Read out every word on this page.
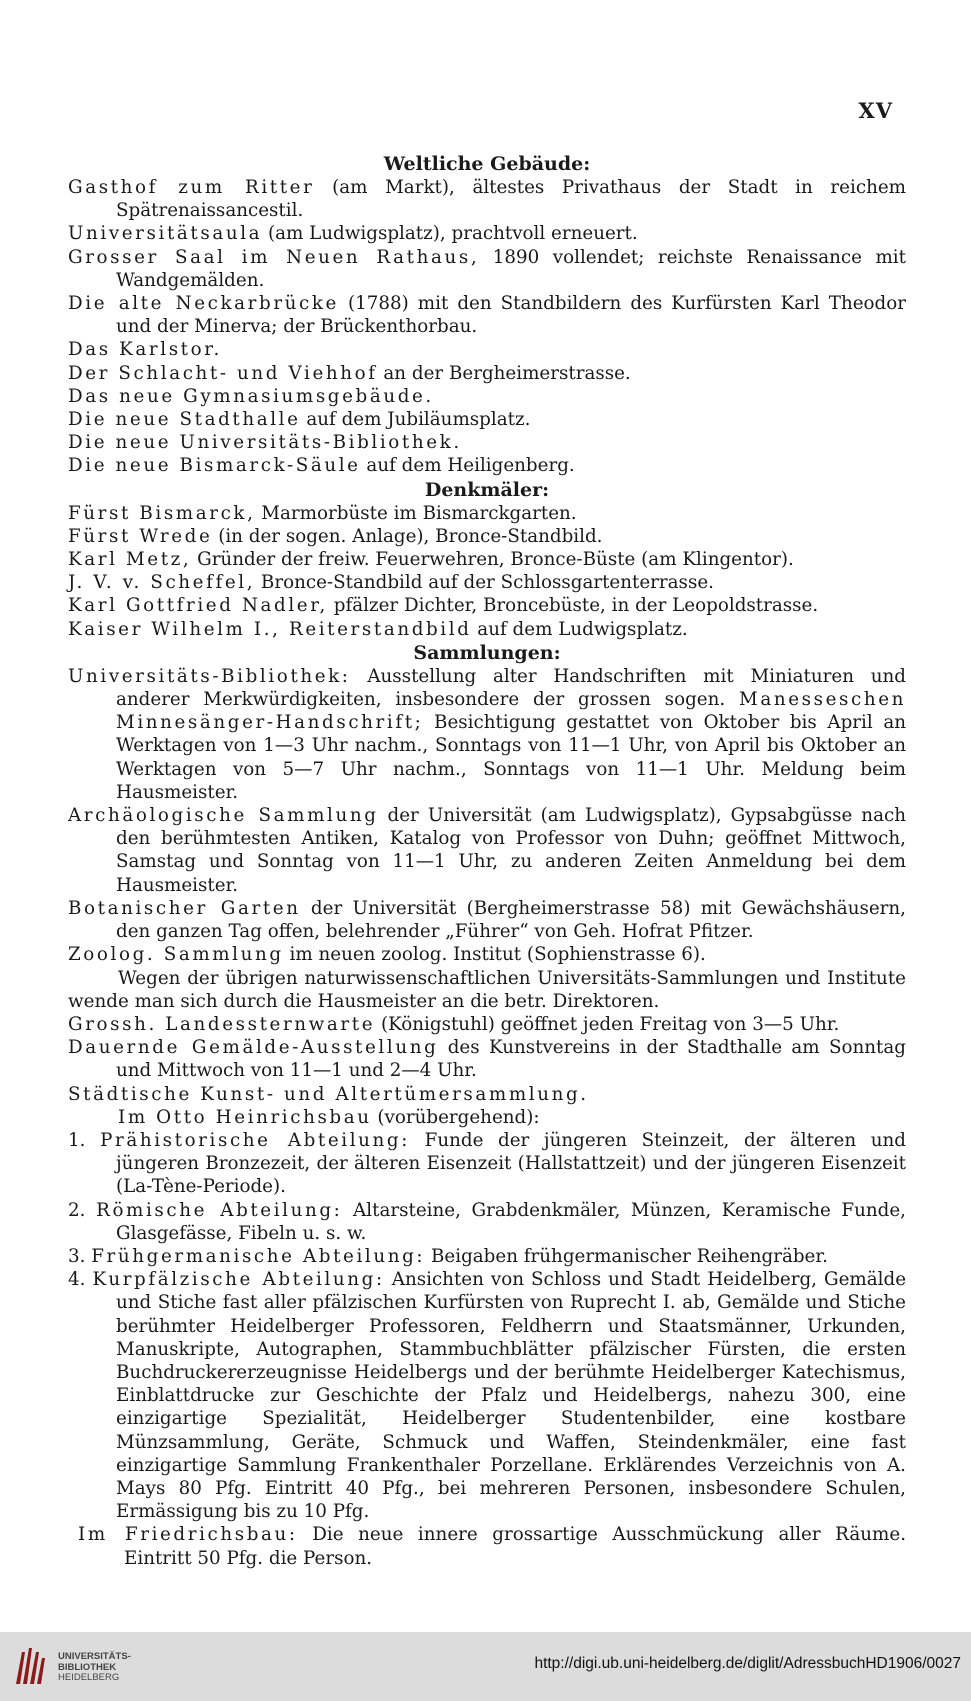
XV

Weltliche Gebäude:

Gasthof zum Ritter (am Markt), ältestes Privathaus der Stadt in reichem Spätrenaissancestil.

Universitätsaula (am Ludwigsplatz), prachtvoll erneuert.

Grosser Saal im Neuen Rathaus, 1890 vollendet; reichste Renaissance mit Wandgemälden.

Die alte Neckarbrücke (1788) mit den Standbildern des Kurfürsten Karl Theodor und der Minerva; der Brückenthorbau.

Das Karlstor.

Der Schlacht- und Viehhof an der Bergheimerstrasse.

Das neue Gymnasiumsgebäude.

Die neue Stadthalle auf dem Jubiläumsplatz.

Die neue Universitäts-Bibliothek.

Die neue Bismarck-Säule auf dem Heiligenberg.

Denkmäler:

Fürst Bismarck, Marmorbüste im Bismarckgarten.

Fürst Wrede (in der sogen. Anlage), Bronce-Standbild.

Karl Metz, Gründer der freiw. Feuerwehren, Bronce-Büste (am Klingentor).

J. V. v. Scheffel, Bronce-Standbild auf der Schlossgartenterrasse.

Karl Gottfried Nadler, pfälzer Dichter, Broncebüste, in der Leopoldstrasse.

Kaiser Wilhelm I., Reiterstandbild auf dem Ludwigsplatz.

Sammlungen:

Universitäts-Bibliothek: Ausstellung alter Handschriften mit Miniaturen und anderer Merkwürdigkeiten, insbesondere der grossen sogen. Manesseschen Minnesänger-Handschrift; Besichtigung gestattet von Oktober bis April an Werktagen von 1—3 Uhr nachm., Sonntags von 11—1 Uhr, von April bis Oktober an Werktagen von 5—7 Uhr nachm., Sonntags von 11—1 Uhr. Meldung beim Hausmeister.

Archäologische Sammlung der Universität (am Ludwigsplatz), Gypsabgüsse nach den berühmtesten Antiken, Katalog von Professor von Duhn; geöffnet Mittwoch, Samstag und Sonntag von 11—1 Uhr, zu anderen Zeiten Anmeldung bei dem Hausmeister.

Botanischer Garten der Universität (Bergheimerstrasse 58) mit Gewächshäusern, den ganzen Tag offen, belehrender „Führer“ von Geh. Hofrat Pfitzer.

Zoolog. Sammlung im neuen zoolog. Institut (Sophienstrasse 6).

Wegen der übrigen naturwissenschaftlichen Universitäts-Sammlungen und Institute wende man sich durch die Hausmeister an die betr. Direktoren.

Grossh. Landessternwarte (Königstuhl) geöffnet jeden Freitag von 3—5 Uhr.

Dauernde Gemälde-Ausstellung des Kunstvereins in der Stadthalle am Sonntag und Mittwoch von 11—1 und 2—4 Uhr.

Städtische Kunst- und Altertümersammlung.

Im Otto Heinrichsbau (vorübergehend):

1. Prähistorische Abteilung: Funde der jüngeren Steinzeit, der älteren und jüngeren Bronzezeit, der älteren Eisenzeit (Hallstattzeit) und der jüngeren Eisenzeit (La-Tène-Periode).

2. Römische Abteilung: Altarsteine, Grabdenkmäler, Münzen, Keramische Funde, Glasgefässe, Fibeln u. s. w.

3. Frühgermanische Abteilung: Beigaben frühgermanischer Reihengräber.

4. Kurpfälzische Abteilung: Ansichten von Schloss und Stadt Heidelberg, Gemälde und Stiche fast aller pfälzischen Kurfürsten von Ruprecht I. ab, Gemälde und Stiche berühmter Heidelberger Professoren, Feldherrn und Staatsmänner, Urkunden, Manuskripte, Autographen, Stammbuchblätter pfälzischer Fürsten, die ersten Buchdruckererzeugnisse Heidelbergs und der berühmte Heidelberger Katechismus, Einblattdrucke zur Geschichte der Pfalz und Heidelbergs, nahezu 300, eine einzigartige Spezialität, Heidelberger Studentenbilder, eine kostbare Münzsammlung, Geräte, Schmuck und Waffen, Steindenkmäler, eine fast einzigartige Sammlung Frankenthaler Porzellane. Erklärendes Verzeichnis von A. Mays 80 Pfg. Eintritt 40 Pfg., bei mehreren Personen, insbesondere Schulen, Ermässigung bis zu 10 Pfg.

Im Friedrichsbau: Die neue innere grossartige Ausschmückung aller Räume. Eintritt 50 Pfg. die Person.

UNIVERSITÄTS-
BIBLIOTHEK
HEIDELBERG
http://digi.ub.uni-heidelberg.de/diglit/AdressbuchHD1906/0027
